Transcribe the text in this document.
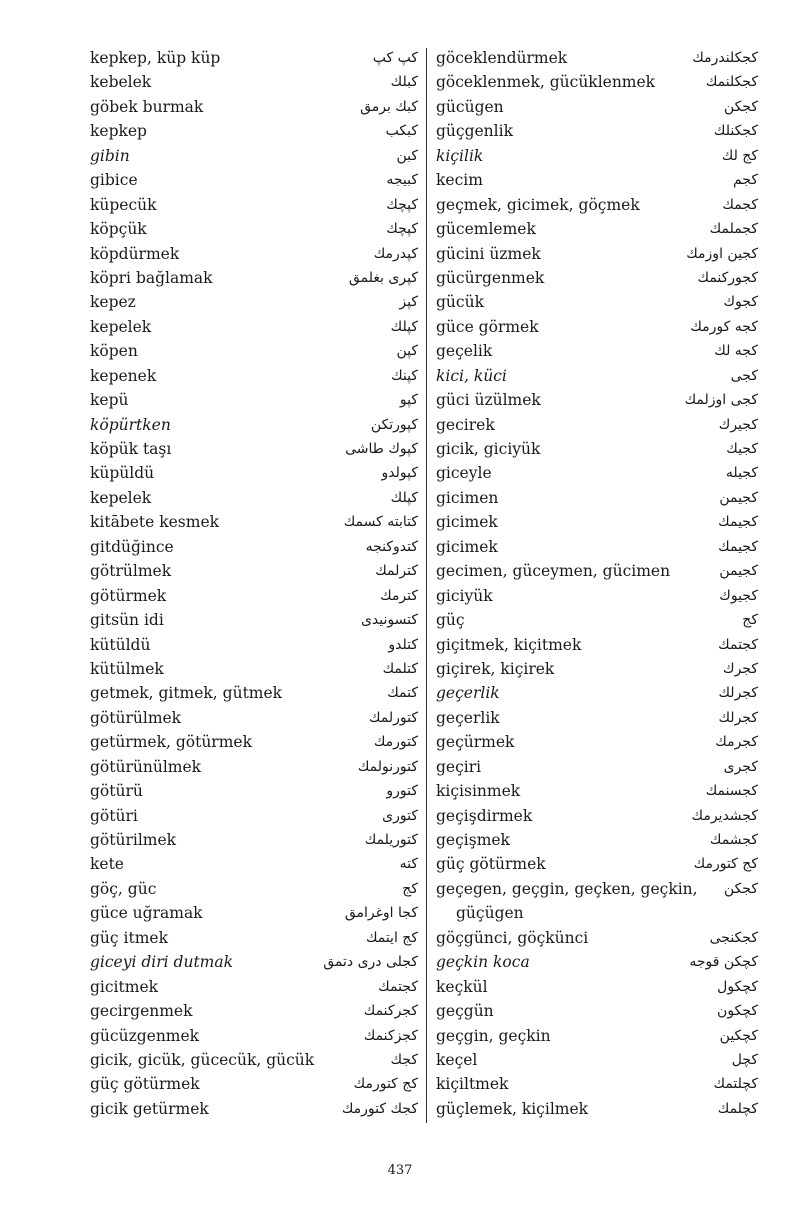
kepkep, küp küp	کپ کپ
kebelek	کبلك
göbek burmak	کبك برمق
kepkep	کبکب
gibin	کبن
gibice	کبیجه
küpecük	کپچك
köpçük	کپچك
köpdürmek	کپدرمك
köpri bağlamak	کپری بغلمق
kepez	کپز
kepelek	کپلك
köpen	کپن
kepenek	کپنك
kepü	کپو
köpürtken	کپورتکن
köpük taşı	کپوك طاشی
küpüldü	کپولدو
kepelek	کپلك
kitābete kesmek	کتابته کسمك
gitdüğince	کتدوکنجه
götrülmek	کترلمك
götürmek	کترمك
gitsün idi	کتسونیدی
kütüldü	کتلدو
kütülmek	کتلمك
getmek, gitmek, gütmek	کتمك
götürülmek	کتورلمك
getürmek, götürmek	کتورمك
götürünülmek	کتورنولمك
götürü	کتورو
götüri	کتوری
götürilmek	کتوریلمك
kete	کته
göç, güc	کج
güce uğramak	کجا اوغرامق
güç itmek	کج ایتمك
giceyi diri dutmak	کجلی دری دتمق
gicitmek	کجتمك
gecirgenmek	کجرکنمك
gücüzgenmek	کجزکنمك
gicik, gicük, gücecük, gücük	کجك
güç götürmek	کج کتورمك
gicik getürmek	کجك کتورمك
göceklendürmek	کجکلندرمك
göceklenmek, gücüklenmek	کجکلنمك
gücügen	کجکن
güçgenlik	کجکنلك
kiçilik	کج لك
kecim	کجم
geçmek, gicimek, göçmek	کجمك
gücemlemek	کجملمك
gücini üzmek	کجین اوزمك
gücürgenmek	کجورکنمك
gücük	کجوك
güce görmek	کجه کورمك
geçelik	کجه لك
kici, küci	کجی
güci üzülmek	کجی اوزلمك
gecirek	کجیرك
gicik, giciyük	کجیك
giceyle	کجیله
gicimen	کجیمن
gicimek	کجیمك
gicimek	کجیمك
gecimen, güceymen, gücimen	کجیمن
giciyük	کجیوك
güç	کج
giçitmek, kiçitmek	کجتمك
giçirek, kiçirek	کجرك
geçerlik	کجرلك
geçerlik	کجرلك
geçürmek	کجرمك
geçiri	کجری
kiçisinmek	کجسنمك
geçişdirmek	کجشدیرمك
geçişmek	کجشمك
güç götürmek	کج کتورمك
geçegen, geçgin, geçken, geçkin, کجکن
güçügen
göçgünci, göçkünci	کجکنجی
geçkin koca	کچکن قوجه
keçkül	کچکول
geçgün	کچکون
geçgin, geçkin	کچکین
keçel	کچل
kiçiltmek	کچلتمك
güçlemek, kiçilmek	کچلمك
437
